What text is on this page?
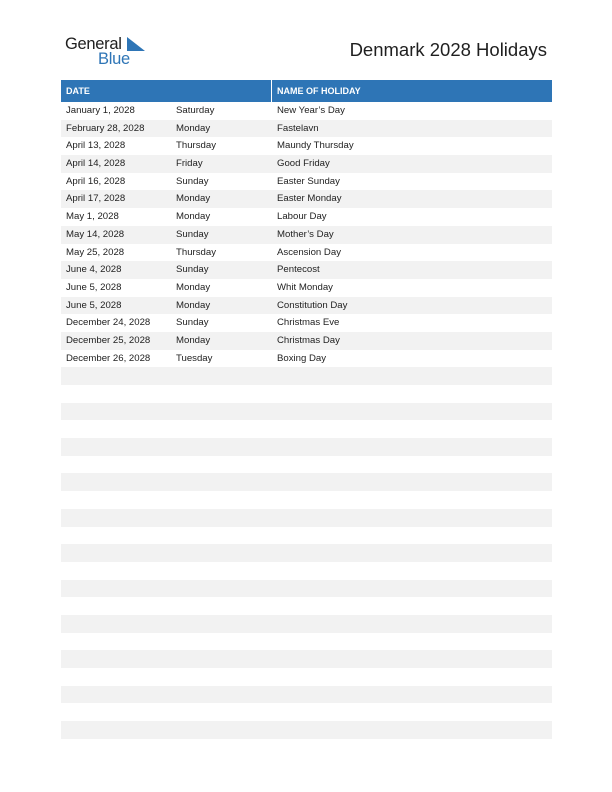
General
Blue	Denmark 2028 Holidays
DATE	NAME OF HOLIDAY
January 1, 2028	Saturday	New Year’s Day
February 28, 2028	Monday	Fastelavn
April 13, 2028	Thursday	Maundy Thursday
April 14, 2028	Friday	Good Friday
April 16, 2028	Sunday	Easter Sunday
April 17, 2028	Monday	Easter Monday
May 1, 2028	Monday	Labour Day
May 14, 2028	Sunday	Mother’s Day
May 25, 2028	Thursday	Ascension Day
June 4, 2028	Sunday	Pentecost
June 5, 2028	Monday	Whit Monday
June 5, 2028	Monday	Constitution Day
December 24, 2028	Sunday	Christmas Eve
December 25, 2028	Monday	Christmas Day
December 26, 2028	Tuesday	Boxing Day
